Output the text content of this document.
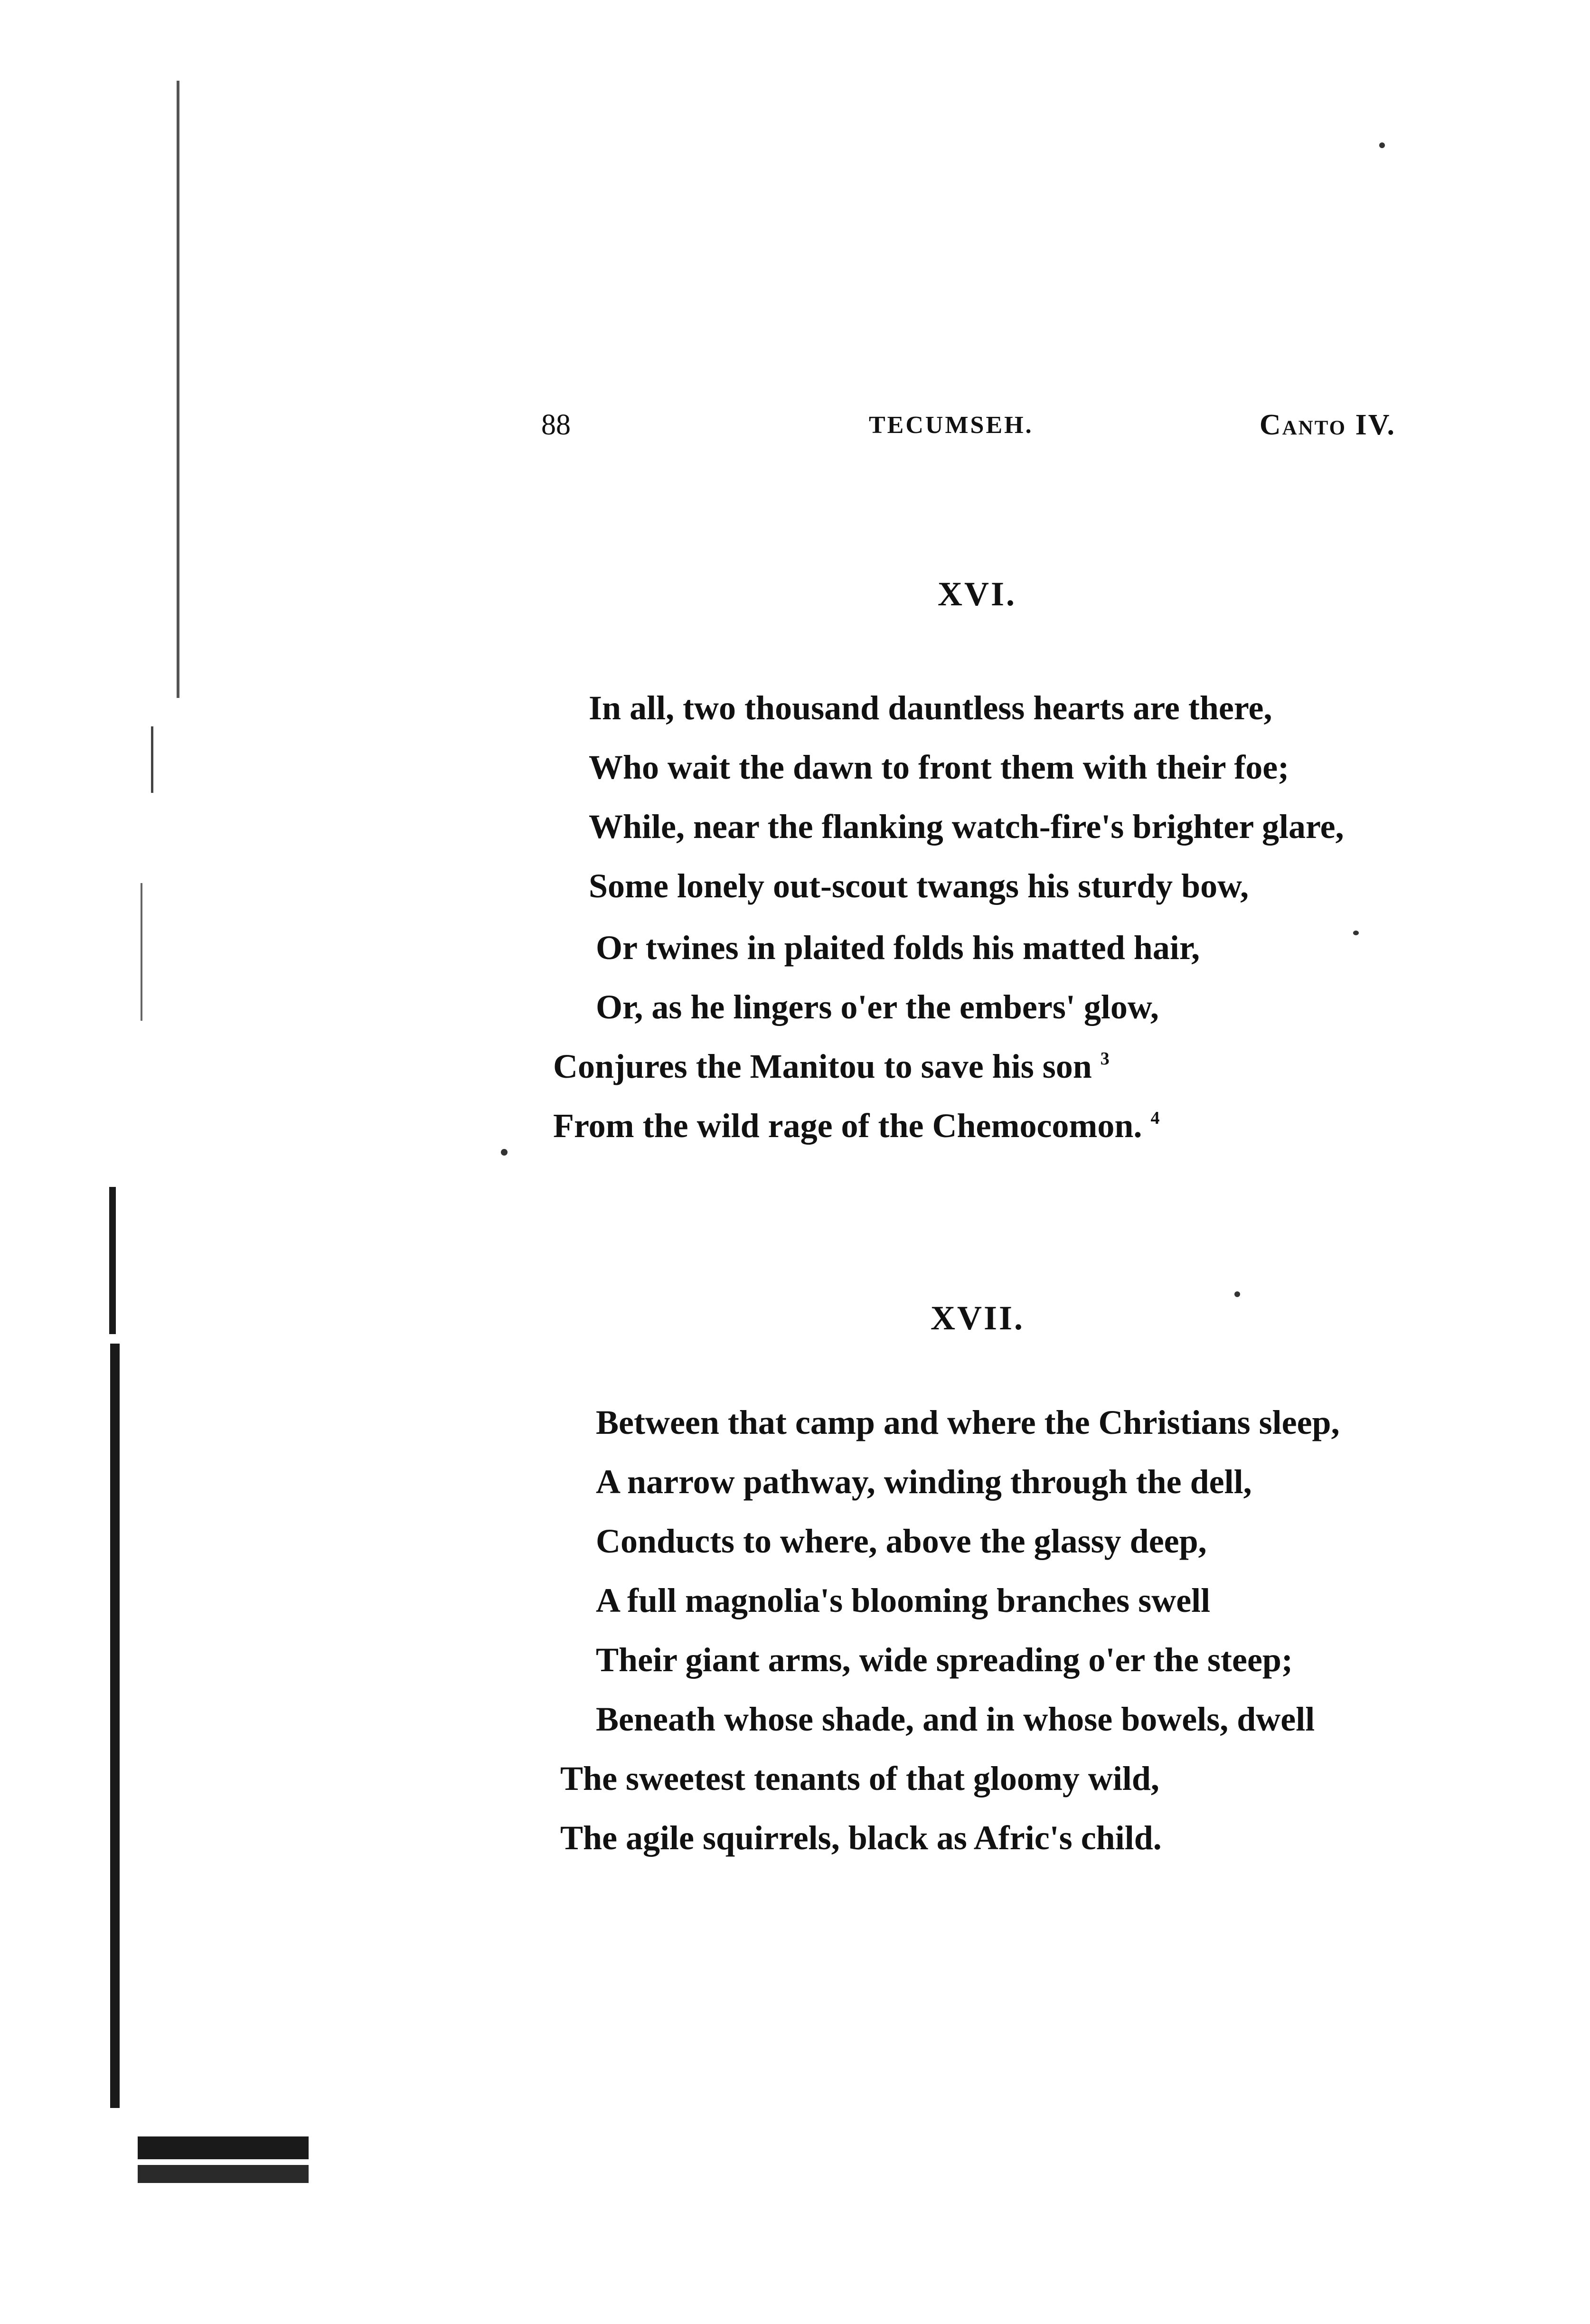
88	TECUMSEH.	Canto IV.
XVI.
In all, two thousand dauntless hearts are there,
Who wait the dawn to front them with their foe;
While, near the flanking watch-fire's brighter glare,
Some lonely out-scout twangs his sturdy bow,
Or twines in plaited folds his matted hair,
Or, as he lingers o'er the embers' glow,
Conjures the Manitou to save his son $^3$
From the wild rage of the Chemocomon. $^4$
XVII.
Between that camp and where the Christians sleep,
A narrow pathway, winding through the dell,
Conducts to where, above the glassy deep,
A full magnolia's blooming branches swell
Their giant arms, wide spreading o'er the steep;
Beneath whose shade, and in whose bowels, dwell
The sweetest tenants of that gloomy wild,
The agile squirrels, black as Afric's child.
